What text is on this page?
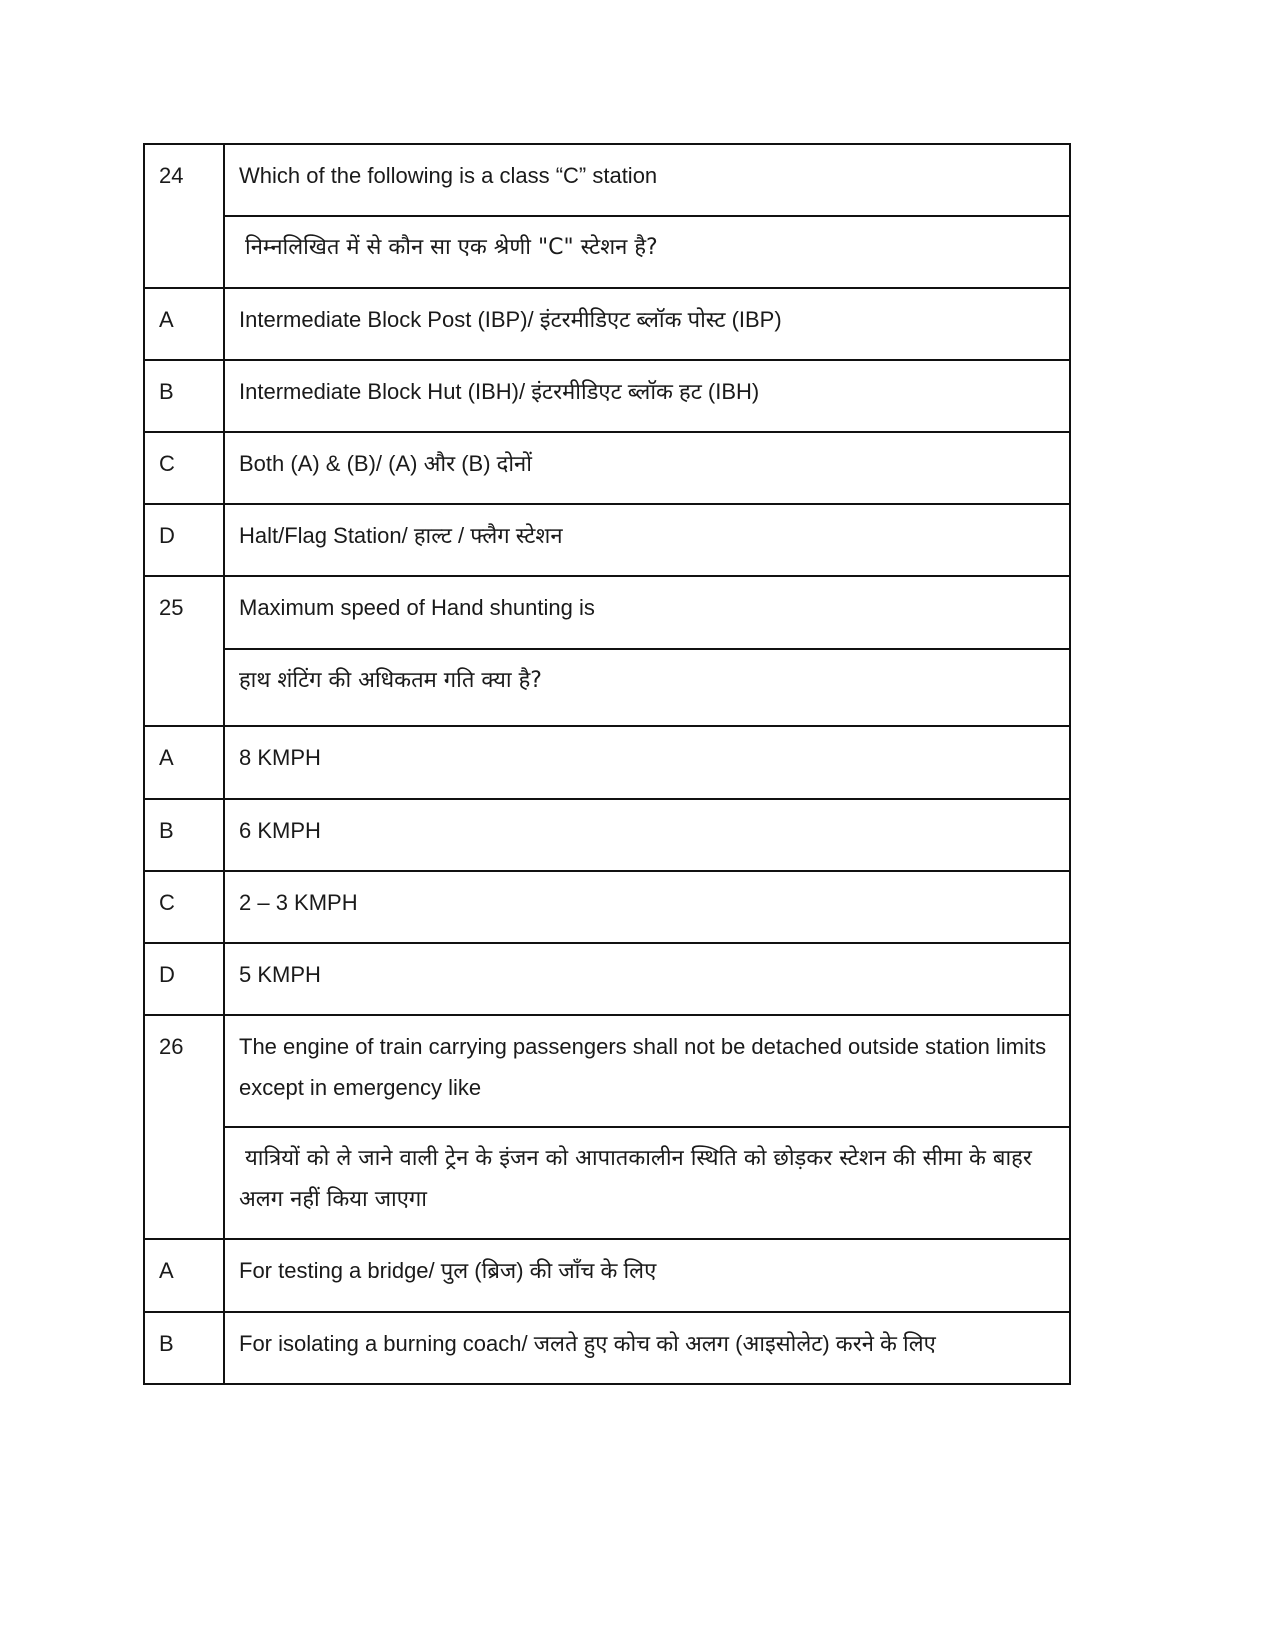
24	Which of the following is a class “C” station
	निम्नलिखित में से कौन सा एक श्रेणी "C" स्टेशन है?
A	Intermediate Block Post (IBP)/ इंटरमीडिएट ब्लॉक पोस्ट (IBP)
B	Intermediate Block Hut (IBH)/ इंटरमीडिएट ब्लॉक हट (IBH)
C	Both (A) & (B)/ (A) और (B) दोनों
D	Halt/Flag Station/ हाल्ट / फ्लैग स्टेशन
25	Maximum speed of Hand shunting is
	हाथ शंटिंग की अधिकतम गति क्या है?
A	8 KMPH
B	6 KMPH
C	2 – 3 KMPH
D	5 KMPH
26	The engine of train carrying passengers shall not be detached outside station limits except in emergency like
	यात्रियों को ले जाने वाली ट्रेन के इंजन को आपातकालीन स्थिति को छोड़कर स्टेशन की सीमा के बाहर अलग नहीं किया जाएगा
A	For testing a bridge/ पुल (ब्रिज) की जाँच के लिए
B	For isolating a burning coach/ जलते हुए कोच को अलग (आइसोलेट) करने के लिए
